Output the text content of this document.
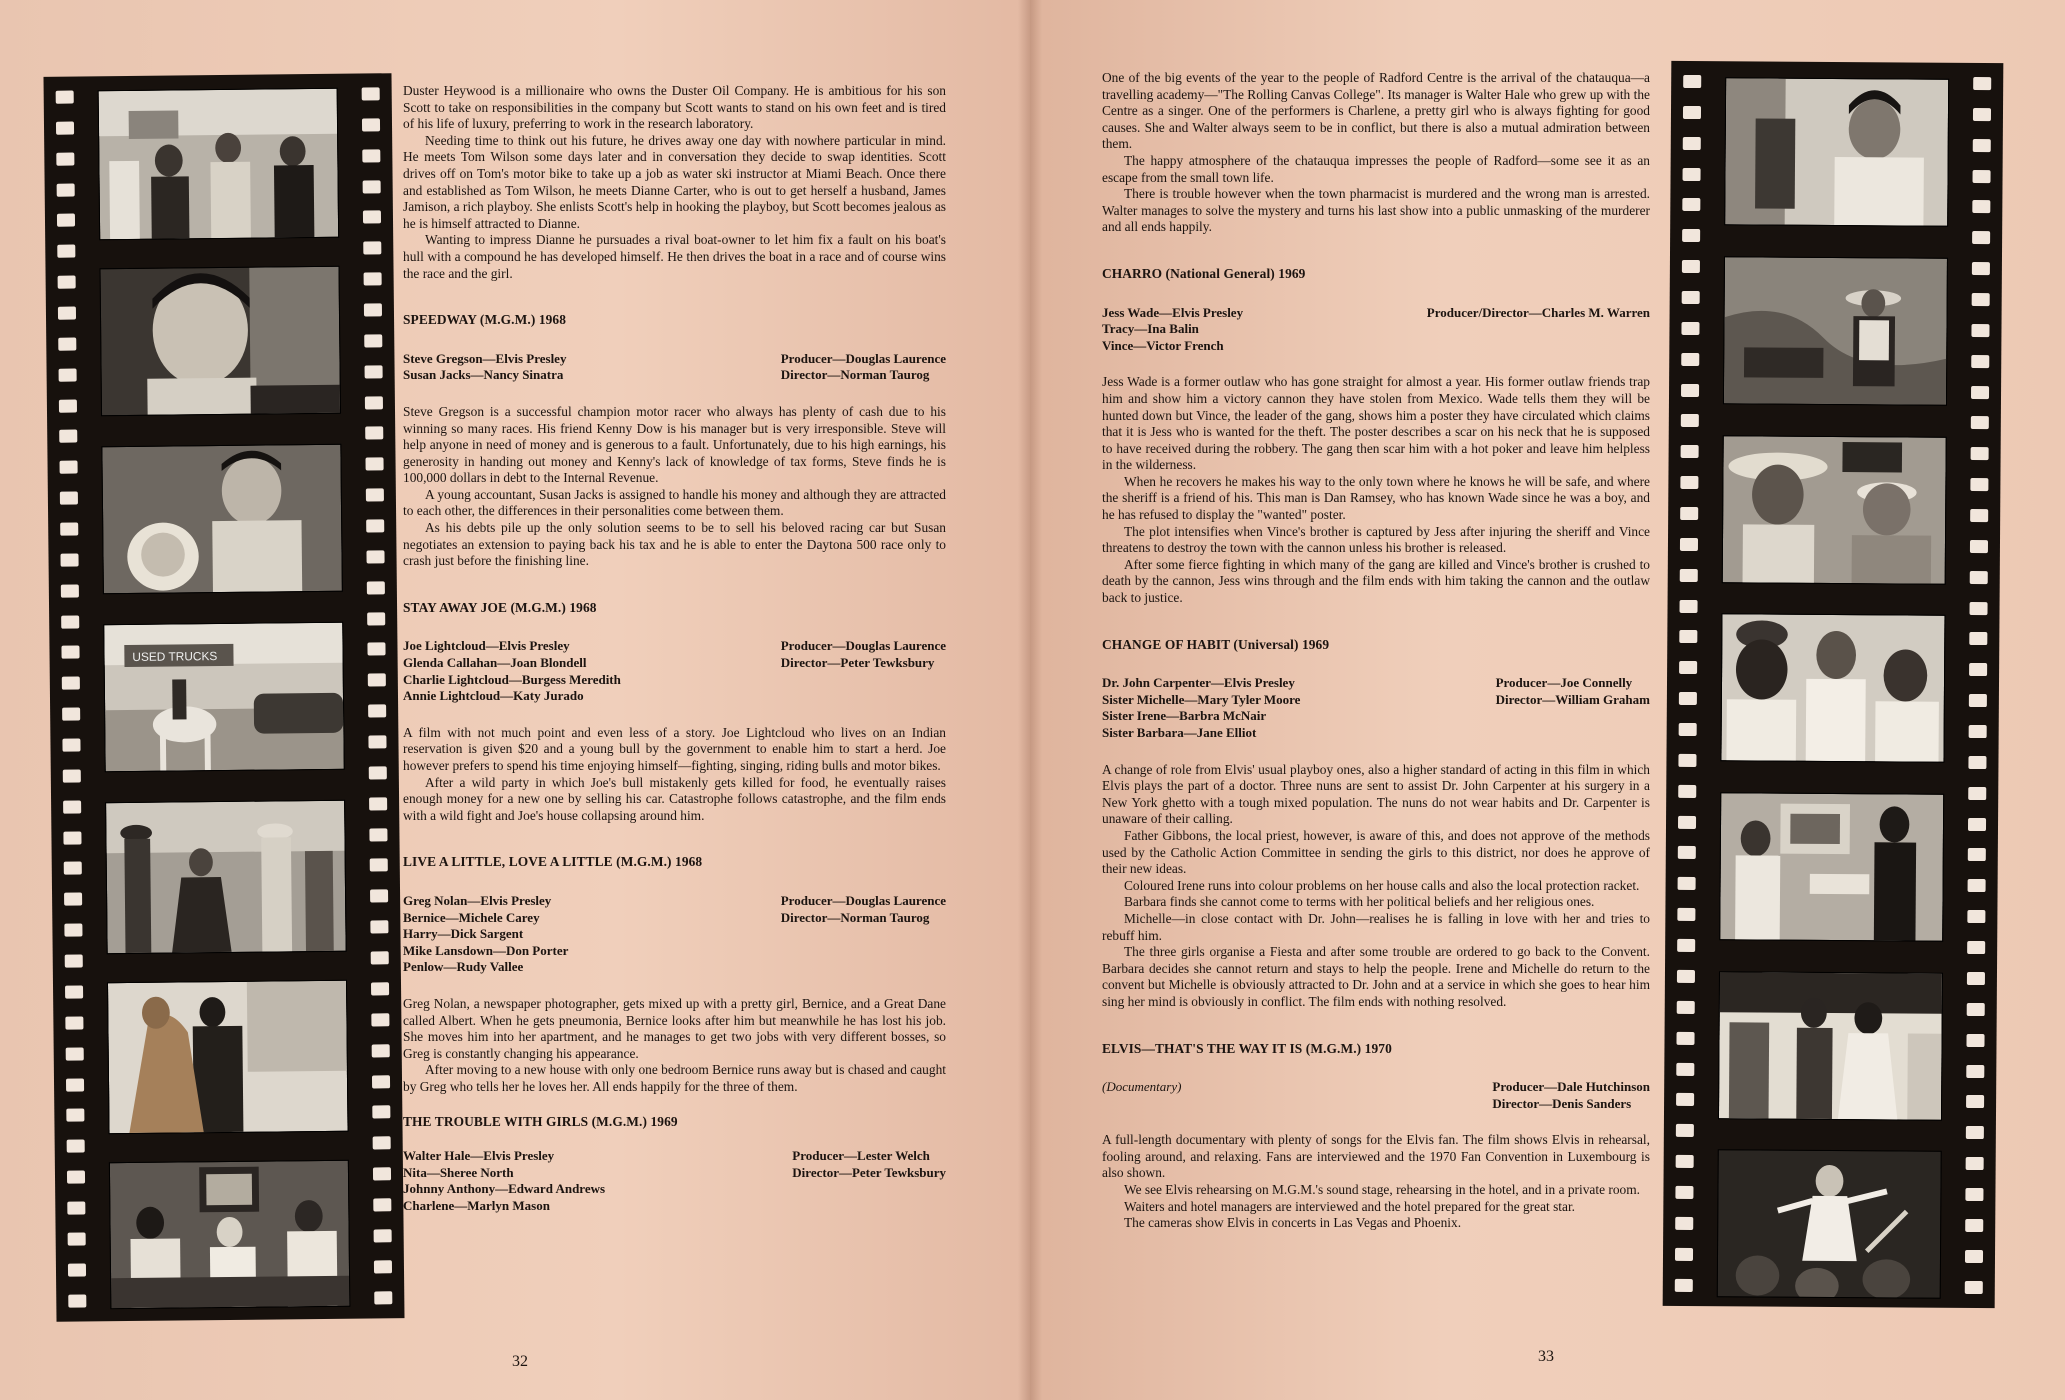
USED TRUCKS

Duster Heywood is a millionaire who owns the Duster Oil Company. He is ambitious for his son Scott to take on responsibilities in the company but Scott wants to stand on his own feet and is tired of his life of luxury, preferring to work in the research laboratory.

Needing time to think out his future, he drives away one day with nowhere particular in mind. He meets Tom Wilson some days later and in conversation they decide to swap identities. Scott drives off on Tom's motor bike to take up a job as water ski instructor at Miami Beach. Once there and established as Tom Wilson, he meets Dianne Carter, who is out to get herself a husband, James Jamison, a rich playboy. She enlists Scott's help in hooking the playboy, but Scott becomes jealous as he is himself attracted to Dianne.

Wanting to impress Dianne he pursuades a rival boat-owner to let him fix a fault on his boat's hull with a compound he has developed himself. He then drives the boat in a race and of course wins the race and the girl.

SPEEDWAY (M.G.M.) 1968
Steve Gregson—Elvis Presley
Susan Jacks—Nancy Sinatra
Producer—Douglas Laurence
Director—Norman Taurog

Steve Gregson is a successful champion motor racer who always has plenty of cash due to his winning so many races. His friend Kenny Dow is his manager but is very irresponsible. Steve will help anyone in need of money and is generous to a fault. Unfortunately, due to his high earnings, his generosity in handing out money and Kenny's lack of knowledge of tax forms, Steve finds he is 100,000 dollars in debt to the Internal Revenue.

A young accountant, Susan Jacks is assigned to handle his money and although they are attracted to each other, the differences in their personalities come between them.

As his debts pile up the only solution seems to be to sell his beloved racing car but Susan negotiates an extension to paying back his tax and he is able to enter the Daytona 500 race only to crash just before the finishing line.

STAY AWAY JOE (M.G.M.) 1968
Joe Lightcloud—Elvis Presley
Glenda Callahan—Joan Blondell
Charlie Lightcloud—Burgess Meredith
Annie Lightcloud—Katy Jurado
Producer—Douglas Laurence
Director—Peter Tewksbury

A film with not much point and even less of a story. Joe Lightcloud who lives on an Indian reservation is given $20 and a young bull by the government to enable him to start a herd. Joe however prefers to spend his time enjoying himself—fighting, singing, riding bulls and motor bikes.

After a wild party in which Joe's bull mistakenly gets killed for food, he eventually raises enough money for a new one by selling his car. Catastrophe follows catastrophe, and the film ends with a wild fight and Joe's house collapsing around him.

LIVE A LITTLE, LOVE A LITTLE (M.G.M.) 1968
Greg Nolan—Elvis Presley
Bernice—Michele Carey
Harry—Dick Sargent
Mike Lansdown—Don Porter
Penlow—Rudy Vallee
Producer—Douglas Laurence
Director—Norman Taurog

Greg Nolan, a newspaper photographer, gets mixed up with a pretty girl, Bernice, and a Great Dane called Albert. When he gets pneumonia, Bernice looks after him but meanwhile he has lost his job. She moves him into her apartment, and he manages to get two jobs with very different bosses, so Greg is constantly changing his appearance.

After moving to a new house with only one bedroom Bernice runs away but is chased and caught by Greg who tells her he loves her. All ends happily for the three of them.

THE TROUBLE WITH GIRLS (M.G.M.) 1969
Walter Hale—Elvis Presley
Nita—Sheree North
Johnny Anthony—Edward Andrews
Charlene—Marlyn Mason
Producer—Lester Welch
Director—Peter Tewksbury
32

One of the big events of the year to the people of Radford Centre is the arrival of the chatauqua—a travelling academy—"The Rolling Canvas College". Its manager is Walter Hale who grew up with the Centre as a singer. One of the performers is Charlene, a pretty girl who is always fighting for good causes. She and Walter always seem to be in conflict, but there is also a mutual admiration between them.

The happy atmosphere of the chatauqua impresses the people of Radford—some see it as an escape from the small town life.

There is trouble however when the town pharmacist is murdered and the wrong man is arrested. Walter manages to solve the mystery and turns his last show into a public unmasking of the murderer and all ends happily.

CHARRO (National General) 1969
Jess Wade—Elvis Presley
Tracy—Ina Balin
Vince—Victor French
Producer/Director—Charles M. Warren

Jess Wade is a former outlaw who has gone straight for almost a year. His former outlaw friends trap him and show him a victory cannon they have stolen from Mexico. Wade tells them they will be hunted down but Vince, the leader of the gang, shows him a poster they have circulated which claims that it is Jess who is wanted for the theft. The poster describes a scar on his neck that he is supposed to have received during the robbery. The gang then scar him with a hot poker and leave him helpless in the wilderness.

When he recovers he makes his way to the only town where he knows he will be safe, and where the sheriff is a friend of his. This man is Dan Ramsey, who has known Wade since he was a boy, and he has refused to display the "wanted" poster.

The plot intensifies when Vince's brother is captured by Jess after injuring the sheriff and Vince threatens to destroy the town with the cannon unless his brother is released.

After some fierce fighting in which many of the gang are killed and Vince's brother is crushed to death by the cannon, Jess wins through and the film ends with him taking the cannon and the outlaw back to justice.

CHANGE OF HABIT (Universal) 1969
Dr. John Carpenter—Elvis Presley
Sister Michelle—Mary Tyler Moore
Sister Irene—Barbra McNair
Sister Barbara—Jane Elliot
Producer—Joe Connelly
Director—William Graham

A change of role from Elvis' usual playboy ones, also a higher standard of acting in this film in which Elvis plays the part of a doctor. Three nuns are sent to assist Dr. John Carpenter at his surgery in a New York ghetto with a tough mixed population. The nuns do not wear habits and Dr. Carpenter is unaware of their calling.

Father Gibbons, the local priest, however, is aware of this, and does not approve of the methods used by the Catholic Action Committee in sending the girls to this district, nor does he approve of their new ideas.

Coloured Irene runs into colour problems on her house calls and also the local protection racket.

Barbara finds she cannot come to terms with her political beliefs and her religious ones.

Michelle—in close contact with Dr. John—realises he is falling in love with her and tries to rebuff him.

The three girls organise a Fiesta and after some trouble are ordered to go back to the Convent. Barbara decides she cannot return and stays to help the people. Irene and Michelle do return to the convent but Michelle is obviously attracted to Dr. John and at a service in which she goes to hear him sing her mind is obviously in conflict. The film ends with nothing resolved.

ELVIS—THAT'S THE WAY IT IS (M.G.M.) 1970
(Documentary)	Producer—Dale Hutchinson
Director—Denis Sanders

A full-length documentary with plenty of songs for the Elvis fan. The film shows Elvis in rehearsal, fooling around, and relaxing. Fans are interviewed and the 1970 Fan Convention in Luxembourg is also shown.

We see Elvis rehearsing on M.G.M.'s sound stage, rehearsing in the hotel, and in a private room.

Waiters and hotel managers are interviewed and the hotel prepared for the great star.

The cameras show Elvis in concerts in Las Vegas and Phoenix.

33
